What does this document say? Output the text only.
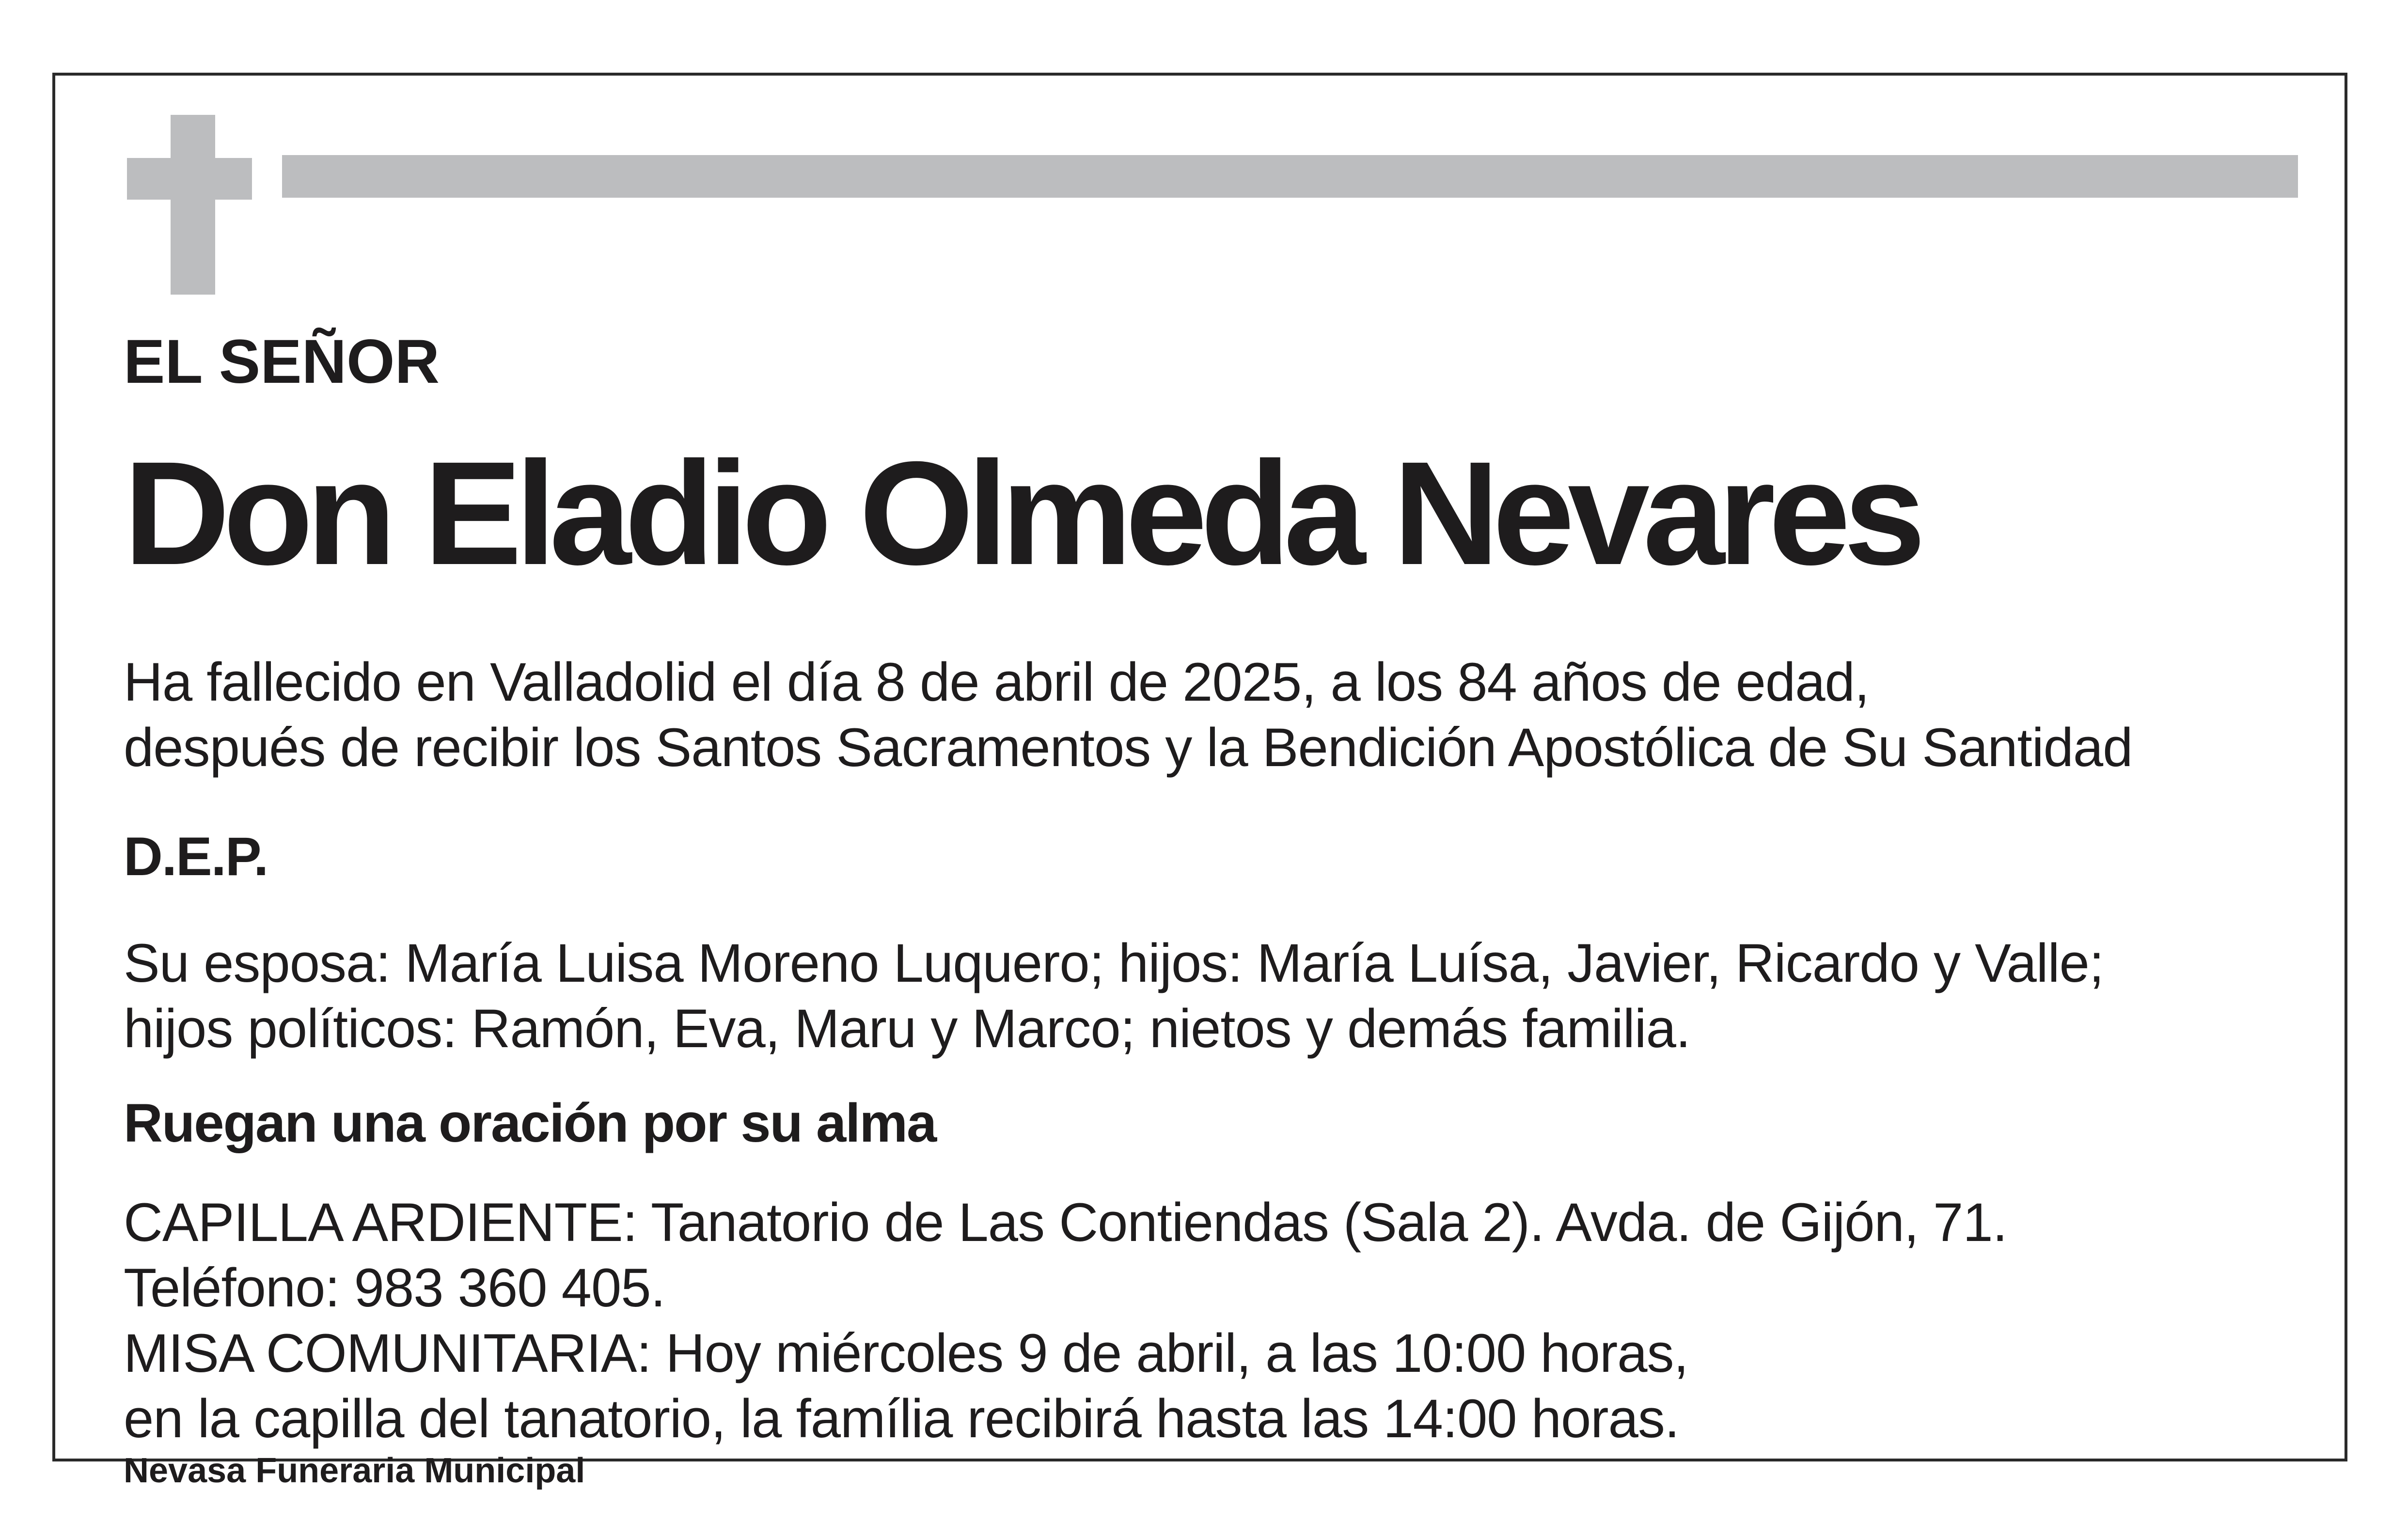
EL SEÑOR

Don Eladio Olmeda Nevares

Ha fallecido en Valladolid el día 8 de abril de 2025, a los 84 años de edad,

después de recibir los Santos Sacramentos y la Bendición Apostólica de Su Santidad

D.E.P.

Su esposa: María Luisa Moreno Luquero; hijos: María Luísa, Javier, Ricardo y Valle;

hijos políticos: Ramón, Eva, Maru y Marco; nietos y demás familia.

Ruegan una oración por su alma

CAPILLA ARDIENTE: Tanatorio de Las Contiendas (Sala 2). Avda. de Gijón, 71.

Teléfono: 983 360 405.

MISA COMUNITARIA: Hoy miércoles 9 de abril, a las 10:00 horas,

en la capilla del tanatorio, la família recibirá hasta las 14:00 horas.

Nevasa Funeraria Municipal
